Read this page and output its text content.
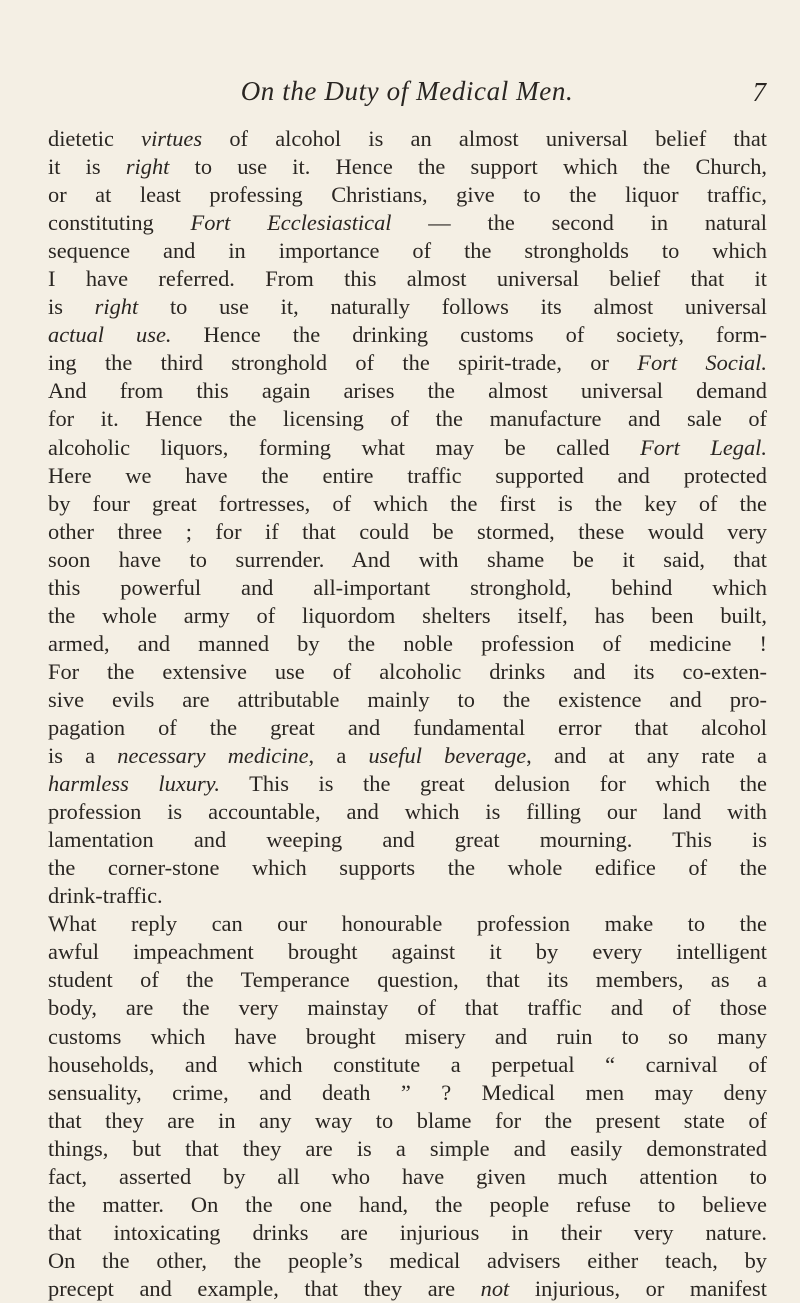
On the Duty of Medical Men.	7
dietetic virtues of alcohol is an almost universal belief that
it is right to use it. Hence the support which the Church,
or at least professing Christians, give to the liquor traffic,
constituting Fort Ecclesiastical — the second in natural
sequence and in importance of the strongholds to which
I have referred. From this almost universal belief that it
is right to use it, naturally follows its almost universal
actual use. Hence the drinking customs of society, form-
ing the third stronghold of the spirit-trade, or Fort Social.
And from this again arises the almost universal demand
for it. Hence the licensing of the manufacture and sale of
alcoholic liquors, forming what may be called Fort Legal.
Here we have the entire traffic supported and protected
by four great fortresses, of which the first is the key of the
other three ; for if that could be stormed, these would very
soon have to surrender. And with shame be it said, that
this powerful and all-important stronghold, behind which
the whole army of liquordom shelters itself, has been built,
armed, and manned by the noble profession of medicine !
For the extensive use of alcoholic drinks and its co-exten-
sive evils are attributable mainly to the existence and pro-
pagation of the great and fundamental error that alcohol
is a necessary medicine, a useful beverage, and at any rate a
harmless luxury. This is the great delusion for which the
profession is accountable, and which is filling our land with
lamentation and weeping and great mourning. This is
the corner-stone which supports the whole edifice of the
drink-traffic.
What reply can our honourable profession make to the
awful impeachment brought against it by every intelligent
student of the Temperance question, that its members, as a
body, are the very mainstay of that traffic and of those
customs which have brought misery and ruin to so many
households, and which constitute a perpetual “ carnival of
sensuality, crime, and death ” ? Medical men may deny
that they are in any way to blame for the present state of
things, but that they are is a simple and easily demonstrated
fact, asserted by all who have given much attention to
the matter. On the one hand, the people refuse to believe
that intoxicating drinks are injurious in their very nature.
On the other, the people’s medical advisers either teach, by
precept and example, that they are not injurious, or manifest
